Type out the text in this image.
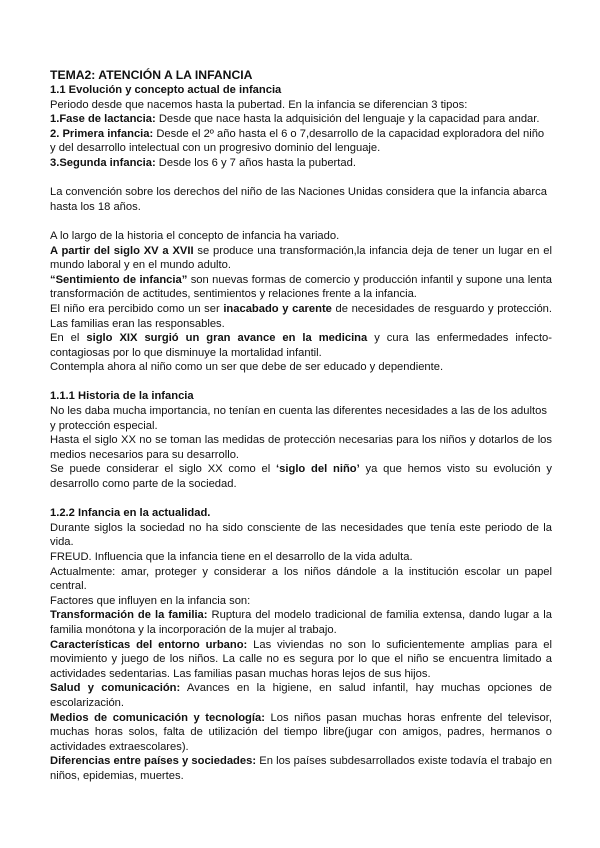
TEMA2: ATENCIÓN A LA INFANCIA

1.1 Evolución y concepto actual de infancia

Periodo desde que nacemos hasta la pubertad. En la infancia se diferencian 3 tipos:

1.Fase de lactancia: Desde que nace hasta la adquisición del lenguaje y la capacidad para andar.

2. Primera infancia: Desde el 2º año hasta el 6 o 7,desarrollo de la capacidad exploradora del niño y del desarrollo intelectual con un progresivo dominio del lenguaje.

3.Segunda infancia: Desde los 6 y 7 años hasta la pubertad.

La convención sobre los derechos del niño de las Naciones Unidas considera que la infancia abarca hasta los 18 años.

A lo largo de la historia el concepto de infancia ha variado.

A partir del siglo XV a XVII se produce una transformación,la infancia deja de tener un lugar en el mundo laboral y en el mundo adulto.

“Sentimiento de infancia” son nuevas formas de comercio y producción infantil y supone una lenta transformación de actitudes, sentimientos y relaciones frente a la infancia.

El niño era percibido como un ser inacabado y carente de necesidades de resguardo y protección. Las familias eran las responsables.

En el siglo XIX surgió un gran avance en la medicina y cura las enfermedades infecto-contagiosas por lo que disminuye la mortalidad infantil.

Contempla ahora al niño como un ser que debe de ser educado y dependiente.

1.1.1 Historia de la infancia

No les daba mucha importancia, no tenían en cuenta las diferentes necesidades a las de los adultos y protección especial.

Hasta el siglo XX no se toman las medidas de protección necesarias para los niños y dotarlos de los medios necesarios para su desarrollo.

Se puede considerar el siglo XX como el ‘siglo del niño’ ya que hemos visto su evolución y desarrollo como parte de la sociedad.

1.2.2 Infancia en la actualidad.

Durante siglos la sociedad no ha sido consciente de las necesidades que tenía este periodo de la vida.

FREUD. Influencia que la infancia tiene en el desarrollo de la vida adulta.

Actualmente: amar, proteger y considerar a los niños dándole a la institución escolar un papel central.

Factores que influyen en la infancia son:

Transformación de la familia: Ruptura del modelo tradicional de familia extensa, dando lugar a la familia monótona y la incorporación de la mujer al trabajo.

Características del entorno urbano: Las viviendas no son lo suficientemente amplias para el movimiento y juego de los niños. La calle no es segura por lo que el niño se encuentra limitado a actividades sedentarias. Las familias pasan muchas horas lejos de sus hijos.

Salud y comunicación: Avances en la higiene, en salud infantil, hay muchas opciones de escolarización.

Medios de comunicación y tecnología: Los niños pasan muchas horas enfrente del televisor, muchas horas solos, falta de utilización del tiempo libre(jugar con amigos, padres, hermanos o actividades extraescolares).

Diferencias entre países y sociedades: En los países subdesarrollados existe todavía el trabajo en niños, epidemias, muertes.
